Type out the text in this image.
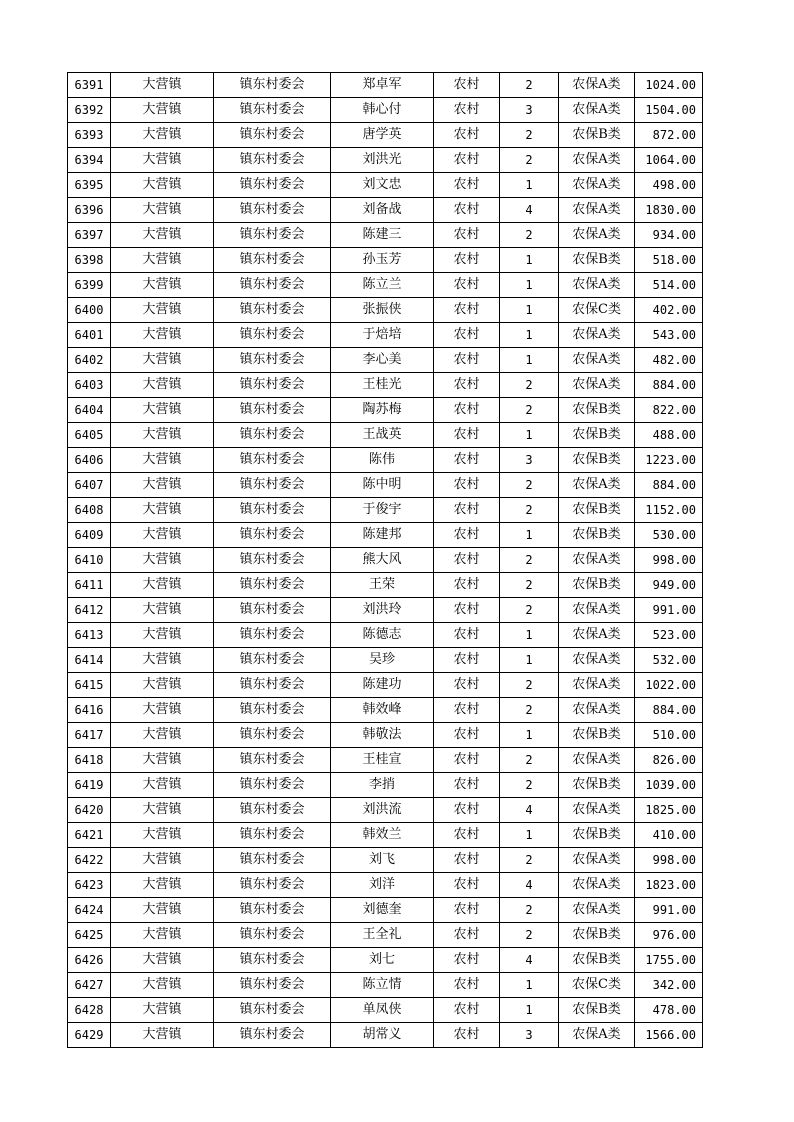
6391	大营镇	镇东村委会	郑卓军	农村	2	农保A类	1024.00
6392	大营镇	镇东村委会	韩心付	农村	3	农保A类	1504.00
6393	大营镇	镇东村委会	唐学英	农村	2	农保B类	872.00
6394	大营镇	镇东村委会	刘洪光	农村	2	农保A类	1064.00
6395	大营镇	镇东村委会	刘文忠	农村	1	农保A类	498.00
6396	大营镇	镇东村委会	刘备战	农村	4	农保A类	1830.00
6397	大营镇	镇东村委会	陈建三	农村	2	农保A类	934.00
6398	大营镇	镇东村委会	孙玉芳	农村	1	农保B类	518.00
6399	大营镇	镇东村委会	陈立兰	农村	1	农保A类	514.00
6400	大营镇	镇东村委会	张振侠	农村	1	农保C类	402.00
6401	大营镇	镇东村委会	于焙培	农村	1	农保A类	543.00
6402	大营镇	镇东村委会	李心美	农村	1	农保A类	482.00
6403	大营镇	镇东村委会	王桂光	农村	2	农保A类	884.00
6404	大营镇	镇东村委会	陶苏梅	农村	2	农保B类	822.00
6405	大营镇	镇东村委会	王战英	农村	1	农保B类	488.00
6406	大营镇	镇东村委会	陈伟	农村	3	农保B类	1223.00
6407	大营镇	镇东村委会	陈中明	农村	2	农保A类	884.00
6408	大营镇	镇东村委会	于俊宇	农村	2	农保B类	1152.00
6409	大营镇	镇东村委会	陈建邦	农村	1	农保B类	530.00
6410	大营镇	镇东村委会	熊大风	农村	2	农保A类	998.00
6411	大营镇	镇东村委会	王荣	农村	2	农保B类	949.00
6412	大营镇	镇东村委会	刘洪玲	农村	2	农保A类	991.00
6413	大营镇	镇东村委会	陈德志	农村	1	农保A类	523.00
6414	大营镇	镇东村委会	吴珍	农村	1	农保A类	532.00
6415	大营镇	镇东村委会	陈建功	农村	2	农保A类	1022.00
6416	大营镇	镇东村委会	韩效峰	农村	2	农保A类	884.00
6417	大营镇	镇东村委会	韩敬法	农村	1	农保B类	510.00
6418	大营镇	镇东村委会	王桂宣	农村	2	农保A类	826.00
6419	大营镇	镇东村委会	李捎	农村	2	农保B类	1039.00
6420	大营镇	镇东村委会	刘洪流	农村	4	农保A类	1825.00
6421	大营镇	镇东村委会	韩效兰	农村	1	农保B类	410.00
6422	大营镇	镇东村委会	刘飞	农村	2	农保A类	998.00
6423	大营镇	镇东村委会	刘洋	农村	4	农保A类	1823.00
6424	大营镇	镇东村委会	刘德奎	农村	2	农保A类	991.00
6425	大营镇	镇东村委会	王全礼	农村	2	农保B类	976.00
6426	大营镇	镇东村委会	刘七	农村	4	农保B类	1755.00
6427	大营镇	镇东村委会	陈立情	农村	1	农保C类	342.00
6428	大营镇	镇东村委会	单凤侠	农村	1	农保B类	478.00
6429	大营镇	镇东村委会	胡常义	农村	3	农保A类	1566.00
